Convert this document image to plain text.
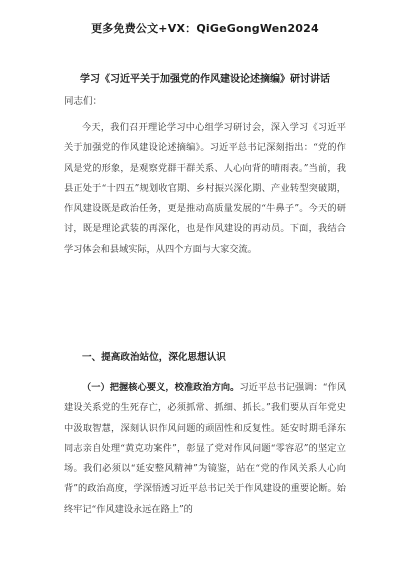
更多免费公文+VX：QiGeGongWen2024
学习《习近平关于加强党的作风建设论述摘编》研讨讲话
同志们：
今天，我们召开理论学习中心组学习研讨会，深入学习《习近平关于加强党的作风建设论述摘编》。习近平总书记深刻指出：“党的作风是党的形象，是观察党群干群关系、人心向背的晴雨表。”当前，我县正处于“十四五”规划收官期、乡村振兴深化期、产业转型突破期，作风建设既是政治任务，更是推动高质量发展的“牛鼻子”。今天的研讨，既是理论武装的再深化，也是作风建设的再动员。下面，我结合学习体会和县域实际，从四个方面与大家交流。
一、提高政治站位，深化思想认识
（一）把握核心要义，校准政治方向。习近平总书记强调：“作风建设关系党的生死存亡，必须抓常、抓细、抓长。”我们要从百年党史中汲取智慧，深刻认识作风问题的顽固性和反复性。延安时期毛泽东同志亲自处理“黄克功案件”，彰显了党对作风问题“零容忍”的坚定立场。我们必须以“延安整风精神”为镜鉴，站在“党的作风关系人心向背”的政治高度，学深悟透习近平总书记关于作风建设的重要论断。始终牢记“作风建设永远在路上”的
